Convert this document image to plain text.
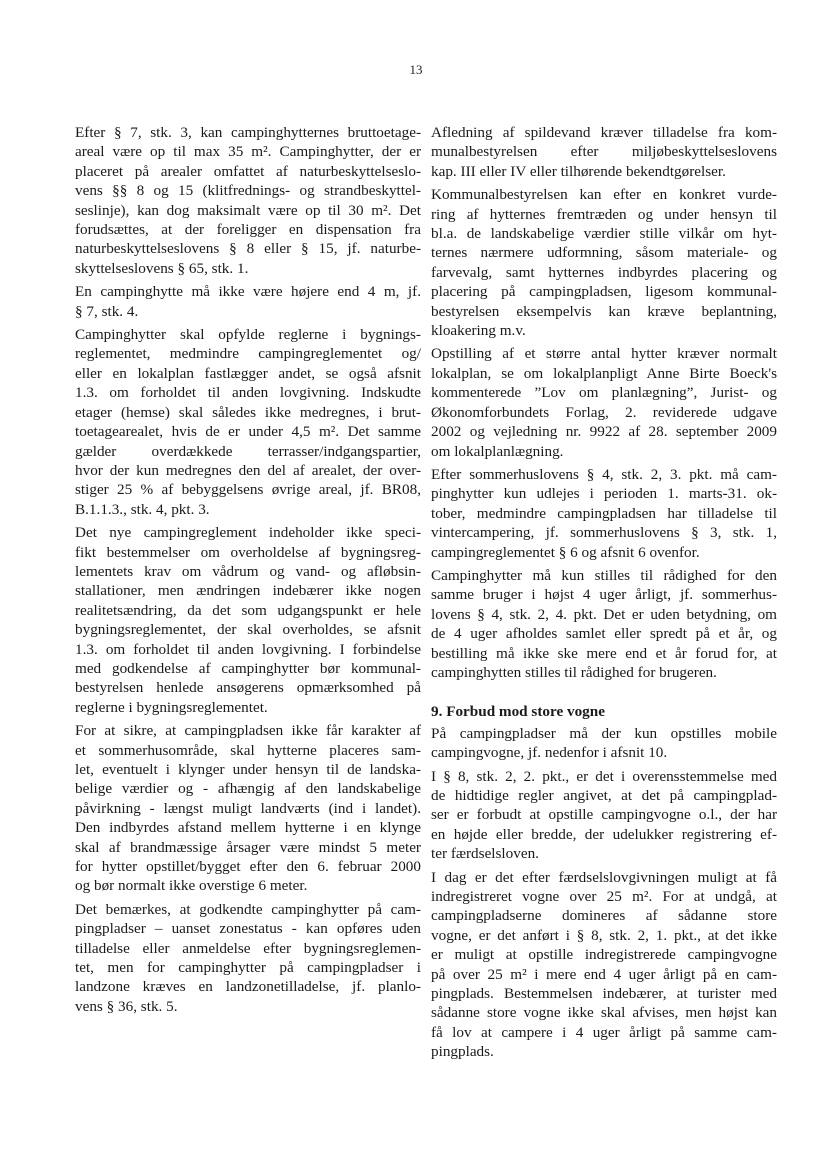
13
Efter § 7, stk. 3, kan campinghytternes bruttoetage-
areal være op til max 35 m². Campinghytter, der er
placeret på arealer omfattet af naturbeskyttelseslo-
vens §§ 8 og 15 (klitfrednings- og strandbeskyttel-
seslinje), kan dog maksimalt være op til 30 m². Det
forudsættes, at der foreligger en dispensation fra
naturbeskyttelseslovens § 8 eller § 15, jf. naturbe-
skyttelseslovens § 65, stk. 1.
En campinghytte må ikke være højere end 4 m, jf.
§ 7, stk. 4.
Campinghytter skal opfylde reglerne i bygnings-
reglementet, medmindre campingreglementet og/
eller en lokalplan fastlægger andet, se også afsnit
1.3. om forholdet til anden lovgivning. Indskudte
etager (hemse) skal således ikke medregnes, i brut-
toetagearealet, hvis de er under 4,5 m². Det samme
gælder overdækkede terrasser/indgangspartier,
hvor der kun medregnes den del af arealet, der over-
stiger 25 % af bebyggelsens øvrige areal, jf. BR08,
B.1.1.3., stk. 4, pkt. 3.
Det nye campingreglement indeholder ikke speci-
fikt bestemmelser om overholdelse af bygningsreg-
lementets krav om vådrum og vand- og afløbsin-
stallationer, men ændringen indebærer ikke nogen
realitetsændring, da det som udgangspunkt er hele
bygningsreglementet, der skal overholdes, se afsnit
1.3. om forholdet til anden lovgivning. I forbindelse
med godkendelse af campinghytter bør kommunal-
bestyrelsen henlede ansøgerens opmærksomhed på
reglerne i bygningsreglementet.
For at sikre, at campingpladsen ikke får karakter af
et sommerhusområde, skal hytterne placeres sam-
let, eventuelt i klynger under hensyn til de landska-
belige værdier og - afhængig af den landskabelige
påvirkning - længst muligt landværts (ind i landet).
Den indbyrdes afstand mellem hytterne i en klynge
skal af brandmæssige årsager være mindst 5 meter
for hytter opstillet/bygget efter den 6. februar 2000
og bør normalt ikke overstige 6 meter.
Det bemærkes, at godkendte campinghytter på cam-
pingpladser – uanset zonestatus - kan opføres uden
tilladelse eller anmeldelse efter bygningsreglemen-
tet, men for campinghytter på campingpladser i
landzone kræves en landzonetilladelse, jf. planlo-
vens § 36, stk. 5.
Afledning af spildevand kræver tilladelse fra kom-
munalbestyrelsen efter miljøbeskyttelseslovens
kap. III eller IV eller tilhørende bekendtgørelser.
Kommunalbestyrelsen kan efter en konkret vurde-
ring af hytternes fremtræden og under hensyn til
bl.a. de landskabelige værdier stille vilkår om hyt-
ternes nærmere udformning, såsom materiale- og
farvevalg, samt hytternes indbyrdes placering og
placering på campingpladsen, ligesom kommunal-
bestyrelsen eksempelvis kan kræve beplantning,
kloakering m.v.
Opstilling af et større antal hytter kræver normalt
lokalplan, se om lokalplanpligt Anne Birte Boeck's
kommenterede ”Lov om planlægning”, Jurist- og
Økonomforbundets Forlag, 2. reviderede udgave
2002 og vejledning nr. 9922 af 28. september 2009
om lokalplanlægning.
Efter sommerhuslovens § 4, stk. 2, 3. pkt. må cam-
pinghytter kun udlejes i perioden 1. marts-31. ok-
tober, medmindre campingpladsen har tilladelse til
vintercampering, jf. sommerhuslovens § 3, stk. 1,
campingreglementet § 6 og afsnit 6 ovenfor.
Campinghytter må kun stilles til rådighed for den
samme bruger i højst 4 uger årligt, jf. sommerhus-
lovens § 4, stk. 2, 4. pkt. Det er uden betydning, om
de 4 uger afholdes samlet eller spredt på et år, og
bestilling må ikke ske mere end et år forud for, at
campinghytten stilles til rådighed for brugeren.
9. Forbud mod store vogne
På campingpladser må der kun opstilles mobile
campingvogne, jf. nedenfor i afsnit 10.
I § 8, stk. 2, 2. pkt., er det i overensstemmelse med
de hidtidige regler angivet, at det på campingplad-
ser er forbudt at opstille campingvogne o.l., der har
en højde eller bredde, der udelukker registrering ef-
ter færdselsloven.
I dag er det efter færdselslovgivningen muligt at få
indregistreret vogne over 25 m². For at undgå, at
campingpladserne domineres af sådanne store
vogne, er det anført i § 8, stk. 2, 1. pkt., at det ikke
er muligt at opstille indregistrerede campingvogne
på over 25 m² i mere end 4 uger årligt på en cam-
pingplads. Bestemmelsen indebærer, at turister med
sådanne store vogne ikke skal afvises, men højst kan
få lov at campere i 4 uger årligt på samme cam-
pingplads.
